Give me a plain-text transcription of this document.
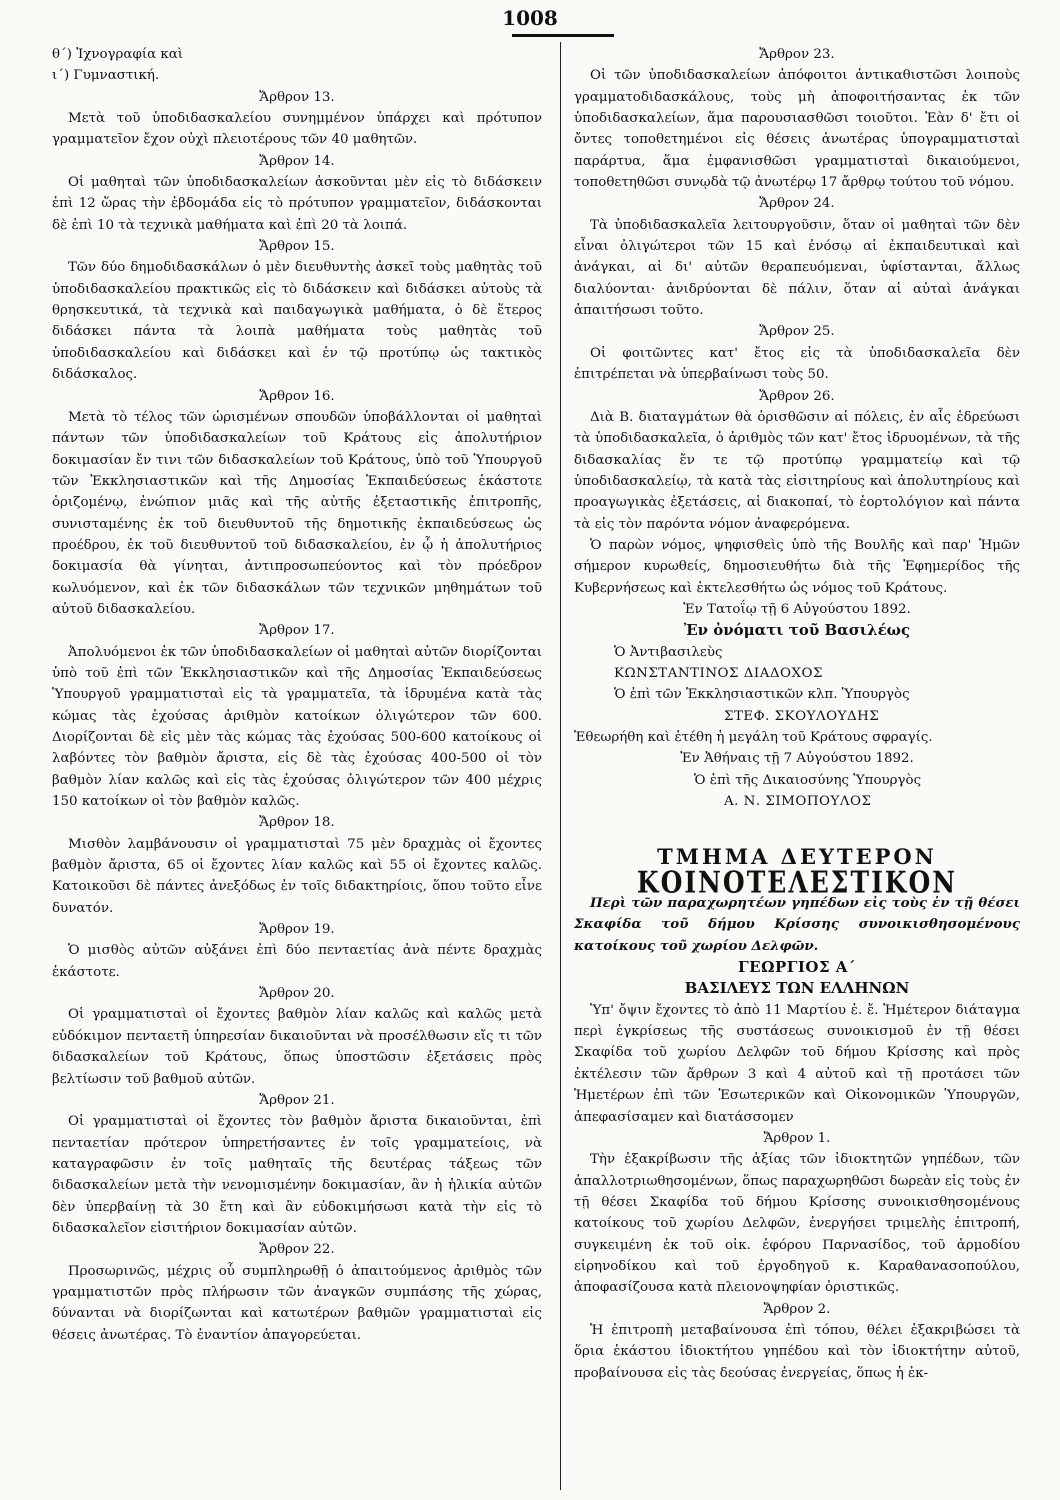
1008

θ΄) Ἰχνογραφία καὶ

ι΄) Γυμναστική.

Ἄρθρον 13.

Μετὰ τοῦ ὑποδιδασκαλείου συνημμένον ὑπάρχει καὶ πρότυπον γραμματεῖον ἔχον οὐχὶ πλειοτέρους τῶν 40 μαθητῶν.

Ἄρθρον 14.

Οἱ μαθηταὶ τῶν ὑποδιδασκαλείων ἀσκοῦνται μὲν εἰς τὸ διδάσκειν ἐπὶ 12 ὥρας τὴν ἑβδομάδα εἰς τὸ πρότυπον γραμματεῖον, διδάσκονται δὲ ἐπὶ 10 τὰ τεχνικὰ μαθήματα καὶ ἐπὶ 20 τὰ λοιπά.

Ἄρθρον 15.

Τῶν δύο δημοδιδασκάλων ὁ μὲν διευθυντὴς ἀσκεῖ τοὺς μαθητὰς τοῦ ὑποδιδασκαλείου πρακτικῶς εἰς τὸ διδάσκειν καὶ διδάσκει αὐτοὺς τὰ θρησκευτικά, τὰ τεχνικὰ καὶ παιδαγωγικὰ μαθήματα, ὁ δὲ ἕτερος διδάσκει πάντα τὰ λοιπὰ μαθήματα τοὺς μαθητὰς τοῦ ὑποδιδασκαλείου καὶ διδάσκει καὶ ἐν τῷ προτύπῳ ὡς τακτικὸς διδάσκαλος.

Ἄρθρον 16.

Μετὰ τὸ τέλος τῶν ὡρισμένων σπουδῶν ὑποβάλλονται οἱ μαθηταὶ πάντων τῶν ὑποδιδασκαλείων τοῦ Κράτους εἰς ἀπολυτήριον δοκιμασίαν ἔν τινι τῶν διδασκαλείων τοῦ Κράτους, ὑπὸ τοῦ Ὑπουργοῦ τῶν Ἐκκλησιαστικῶν καὶ τῆς Δημοσίας Ἐκπαιδεύσεως ἑκάστοτε ὁριζομένῳ, ἐνώπιον μιᾶς καὶ τῆς αὐτῆς ἐξεταστικῆς ἐπιτροπῆς, συνισταμένης ἐκ τοῦ διευθυντοῦ τῆς δημοτικῆς ἐκπαιδεύσεως ὡς προέδρου, ἐκ τοῦ διευθυντοῦ τοῦ διδασκαλείου, ἐν ᾧ ἡ ἀπολυτήριος δοκιμασία θὰ γίνηται, ἀντιπροσωπεύοντος καὶ τὸν πρόεδρον κωλυόμενον, καὶ ἐκ τῶν διδασκάλων τῶν τεχνικῶν μηθημάτων τοῦ αὐτοῦ διδασκαλείου.

Ἄρθρον 17.

Ἀπολυόμενοι ἐκ τῶν ὑποδιδασκαλείων οἱ μαθηταὶ αὐτῶν διορίζονται ὑπὸ τοῦ ἐπὶ τῶν Ἐκκλησιαστικῶν καὶ τῆς Δημοσίας Ἐκπαιδεύσεως Ὑπουργοῦ γραμματισταὶ εἰς τὰ γραμματεῖα, τὰ ἱδρυμένα κατὰ τὰς κώμας τὰς ἐχούσας ἀριθμὸν κατοίκων ὀλιγώτερον τῶν 600. Διορίζονται δὲ εἰς μὲν τὰς κώμας τὰς ἐχούσας 500-600 κατοίκους οἱ λαβόντες τὸν βαθμὸν ἄριστα, εἰς δὲ τὰς ἐχούσας 400-500 οἱ τὸν βαθμὸν λίαν καλῶς καὶ εἰς τὰς ἐχούσας ὀλιγώτερον τῶν 400 μέχρις 150 κατοίκων οἱ τὸν βαθμὸν καλῶς.

Ἄρθρον 18.

Μισθὸν λαμβάνουσιν οἱ γραμματισταὶ 75 μὲν δραχμὰς οἱ ἔχοντες βαθμὸν ἄριστα, 65 οἱ ἔχοντες λίαν καλῶς καὶ 55 οἱ ἔχοντες καλῶς. Κατοικοῦσι δὲ πάντες ἀνεξόδως ἐν τοῖς διδακτηρίοις, ὅπου τοῦτο εἶνε δυνατόν.

Ἄρθρον 19.

Ὁ μισθὸς αὐτῶν αὐξάνει ἐπὶ δύο πενταετίας ἀνὰ πέντε δραχμὰς ἑκάστοτε.

Ἄρθρον 20.

Οἱ γραμματισταὶ οἱ ἔχοντες βαθμὸν λίαν καλῶς καὶ καλῶς μετὰ εὐδόκιμον πενταετῆ ὑπηρεσίαν δικαιοῦνται νὰ προσέλθωσιν εἴς τι τῶν διδασκαλείων τοῦ Κράτους, ὅπως ὑποστῶσιν ἐξετάσεις πρὸς βελτίωσιν τοῦ βαθμοῦ αὐτῶν.

Ἄρθρον 21.

Οἱ γραμματισταὶ οἱ ἔχοντες τὸν βαθμὸν ἄριστα δικαιοῦνται, ἐπὶ πενταετίαν πρότερον ὑπηρετήσαντες ἐν τοῖς γραμματείοις, νὰ καταγραφῶσιν ἐν τοῖς μαθηταῖς τῆς δευτέρας τάξεως τῶν διδασκαλείων μετὰ τὴν νενομισμένην δοκιμασίαν, ἂν ἡ ἡλικία αὐτῶν δὲν ὑπερβαίνῃ τὰ 30 ἔτη καὶ ἂν εὐδοκιμήσωσι κατὰ τὴν εἰς τὸ διδασκαλεῖον εἰσιτήριον δοκιμασίαν αὐτῶν.

Ἄρθρον 22.

Προσωρινῶς, μέχρις οὗ συμπληρωθῇ ὁ ἀπαιτούμενος ἀριθμὸς τῶν γραμματιστῶν πρὸς πλήρωσιν τῶν ἀναγκῶν συμπάσης τῆς χώρας, δύνανται νὰ διορίζωνται καὶ κατωτέρων βαθμῶν γραμματισταὶ εἰς θέσεις ἀνωτέρας. Τὸ ἐναντίον ἀπαγορεύεται.

Ἄρθρον 23.

Οἱ τῶν ὑποδιδασκαλείων ἀπόφοιτοι ἀντικαθιστῶσι λοιποὺς γραμματοδιδασκάλους, τοὺς μὴ ἀποφοιτήσαντας ἐκ τῶν ὑποδιδασκαλείων, ἅμα παρουσιασθῶσι τοιοῦτοι. Ἐὰν δ' ἔτι οἱ ὄντες τοποθετημένοι εἰς θέσεις ἀνωτέρας ὑπογραμματισταὶ παράρτυα, ἅμα ἐμφανισθῶσι γραμματισταὶ δικαιούμενοι, τοποθετηθῶσι συνῳδὰ τῷ ἀνωτέρῳ 17 ἄρθρῳ τούτου τοῦ νόμου.

Ἄρθρον 24.

Τὰ ὑποδιδασκαλεῖα λειτουργοῦσιν, ὅταν οἱ μαθηταὶ τῶν δὲν εἶναι ὀλιγώτεροι τῶν 15 καὶ ἐνόσῳ αἱ ἐκπαιδευτικαὶ καὶ ἀνάγκαι, αἱ δι' αὐτῶν θεραπευόμεναι, ὑφίστανται, ἄλλως διαλύονται· ἀνιδρύονται δὲ πάλιν, ὅταν αἱ αὐταὶ ἀνάγκαι ἀπαιτήσωσι τοῦτο.

Ἄρθρον 25.

Οἱ φοιτῶντες κατ' ἔτος εἰς τὰ ὑποδιδασκαλεῖα δὲν ἐπιτρέπεται νὰ ὑπερβαίνωσι τοὺς 50.

Ἄρθρον 26.

Διὰ Β. διαταγμάτων θὰ ὁρισθῶσιν αἱ πόλεις, ἐν αἷς ἑδρεύωσι τὰ ὑποδιδασκαλεῖα, ὁ ἀριθμὸς τῶν κατ' ἔτος ἱδρυομένων, τὰ τῆς διδασκαλίας ἔν τε τῷ προτύπῳ γραμματείῳ καὶ τῷ ὑποδιδασκαλείῳ, τὰ κατὰ τὰς εἰσιτηρίους καὶ ἀπολυτηρίους καὶ προαγωγικὰς ἐξετάσεις, αἱ διακοπαί, τὸ ἑορτολόγιον καὶ πάντα τὰ εἰς τὸν παρόντα νόμον ἀναφερόμενα.

Ὁ παρὼν νόμος, ψηφισθεὶς ὑπὸ τῆς Βουλῆς καὶ παρ' Ἡμῶν σήμερον κυρωθείς, δημοσιευθήτω διὰ τῆς Ἐφημερίδος τῆς Κυβερνήσεως καὶ ἐκτελεσθήτω ὡς νόμος τοῦ Κράτους.

Ἐν Τατοΐῳ τῇ 6 Αὐγούστου 1892.
Ἐν ὀνόματι τοῦ Βασιλέως
Ὁ Ἀντιβασιλεὺς
ΚΩΝΣΤΑΝΤΙΝΟΣ ΔΙΑΔΟΧΟΣ
Ὁ ἐπὶ τῶν Ἐκκλησιαστικῶν κλπ. Ὑπουργὸς
ΣΤΕΦ. ΣΚΟΥΛΟΥΔΗΣ

Ἐθεωρήθη καὶ ἐτέθη ἡ μεγάλη τοῦ Κράτους σφραγίς.

Ἐν Ἀθήναις τῇ 7 Αὐγούστου 1892.
Ὁ ἐπὶ τῆς Δικαιοσύνης Ὑπουργὸς
Α. Ν. ΣΙΜΟΠΟΥΛΟΣ
ΤΜΗΜΑ ΔΕΥΤΕΡΟΝ
ΚΟΙΝΟΤΕΛΕΣΤΙΚΟΝ

Περὶ τῶν παραχωρητέων γηπέδων εἰς τοὺς ἐν τῇ θέσει Σκαφίδα τοῦ δήμου Κρίσσης συνοικισθησομένους κατοίκους τοῦ χωρίου Δελφῶν.

ΓΕΩΡΓΙΟΣ Α΄
ΒΑΣΙΛΕΥΣ ΤΩΝ ΕΛΛΗΝΩΝ

Ὑπ' ὄψιν ἔχοντες τὸ ἀπὸ 11 Μαρτίου ἐ. ἔ. Ἡμέτερον διάταγμα περὶ ἐγκρίσεως τῆς συστάσεως συνοικισμοῦ ἐν τῇ θέσει Σκαφίδα τοῦ χωρίου Δελφῶν τοῦ δήμου Κρίσσης καὶ πρὸς ἐκτέλεσιν τῶν ἄρθρων 3 καὶ 4 αὐτοῦ καὶ τῇ προτάσει τῶν Ἡμετέρων ἐπὶ τῶν Ἐσωτερικῶν καὶ Οἰκονομικῶν Ὑπουργῶν, ἀπεφασίσαμεν καὶ διατάσσομεν

Ἄρθρον 1.

Τὴν ἐξακρίβωσιν τῆς ἀξίας τῶν ἰδιοκτητῶν γηπέδων, τῶν ἀπαλλοτριωθησομένων, ὅπως παραχωρηθῶσι δωρεὰν εἰς τοὺς ἐν τῇ θέσει Σκαφίδα τοῦ δήμου Κρίσσης συνοικισθησομένους κατοίκους τοῦ χωρίου Δελφῶν, ἐνεργήσει τριμελὴς ἐπιτροπή, συγκειμένη ἐκ τοῦ οἰκ. ἐφόρου Παρνασίδος, τοῦ ἁρμοδίου εἰρηνοδίκου καὶ τοῦ ἐργοδηγοῦ κ. Καραθανασοπούλου, ἀποφασίζουσα κατὰ πλειονοψηφίαν ὁριστικῶς.

Ἄρθρον 2.

Ἡ ἐπιτροπὴ μεταβαίνουσα ἐπὶ τόπου, θέλει ἐξακριβώσει τὰ ὅρια ἑκάστου ἰδιοκτήτου γηπέδου καὶ τὸν ἰδιοκτήτην αὐτοῦ, προβαίνουσα εἰς τὰς δεούσας ἐνεργείας, ὅπως ἡ ἐκ-
